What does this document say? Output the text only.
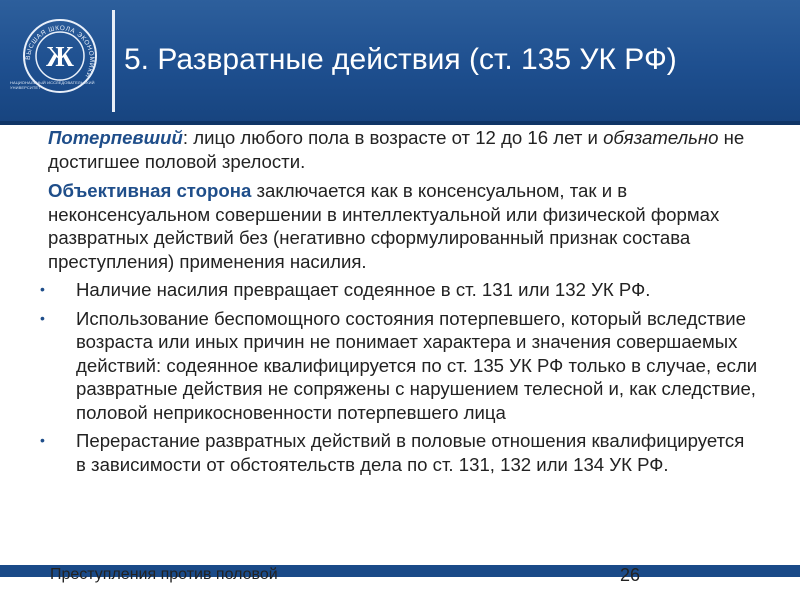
ВЫСШАЯ ШКОЛА ЭКОНОМИКИ
Ж
НАЦИОНАЛЬНЫЙ ИССЛЕДОВАТЕЛЬСКИЙ УНИВЕРСИТЕТ
5. Развратные действия (ст. 135 УК РФ)

Потерпевший: лицо любого пола в возрасте от 12 до 16 лет и обязательно не достигшее половой зрелости.

Объективная сторона заключается как в консенсуальном, так и в неконсенсуальном совершении в интеллектуальной или физической формах развратных действий без (негативно сформулированный признак состава преступления) применения насилия.

• Наличие насилия превращает содеянное в ст. 131 или 132 УК РФ.
• Использование беспомощного состояния потерпевшего, который вследствие возраста или иных причин не понимает характера и значения совершаемых действий: содеянное квалифицируется по ст. 135 УК РФ только в случае, если развратные действия не сопряжены с нарушением телесной и, как следствие, половой неприкосновенности потерпевшего лица
• Перерастание развратных действий в половые отношения квалифицируется в зависимости от обстоятельств дела по ст. 131, 132 или 134 УК РФ.
Преступления против половой	26
